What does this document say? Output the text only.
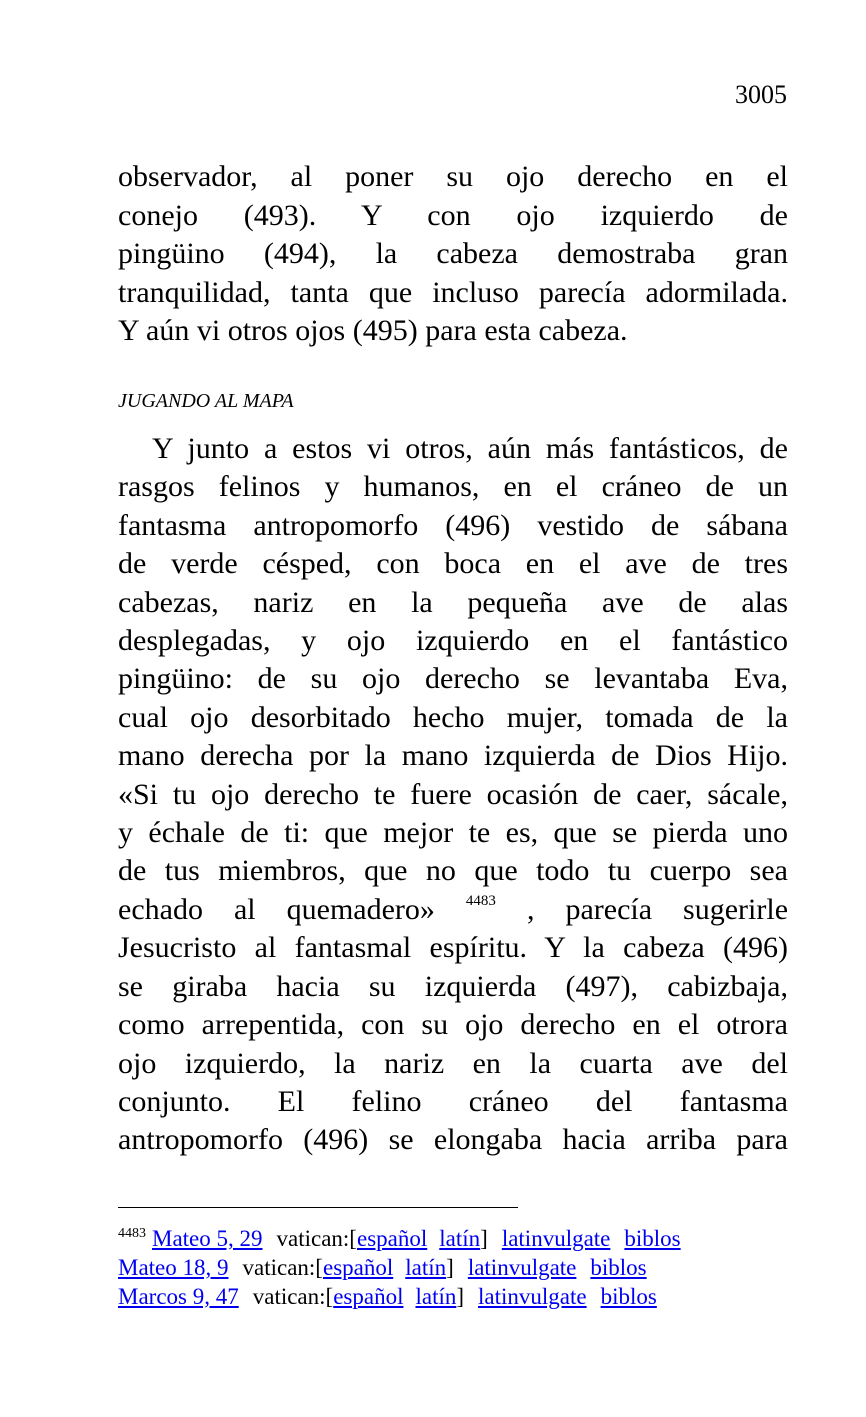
3005
observador, al poner su ojo derecho en el
conejo (493). Y con ojo izquierdo de
pingüino (494), la cabeza demostraba gran
tranquilidad, tanta que incluso parecía adormilada.
Y aún vi otros ojos (495) para esta cabeza.
JUGANDO AL MAPA
Y junto a estos vi otros, aún más fantásticos, de
rasgos felinos y humanos, en el cráneo de un
fantasma antropomorfo (496) vestido de sábana
de verde césped, con boca en el ave de tres
cabezas, nariz en la pequeña ave de alas
desplegadas, y ojo izquierdo en el fantástico
pingüino: de su ojo derecho se levantaba Eva,
cual ojo desorbitado hecho mujer, tomada de la
mano derecha por la mano izquierda de Dios Hijo.
«Si tu ojo derecho te fuere ocasión de caer, sácale,
y échale de ti: que mejor te es, que se pierda uno
de tus miembros, que no que todo tu cuerpo sea
echado al quemadero» $^{4483}$ , parecía sugerirle
Jesucristo al fantasmal espíritu. Y la cabeza (496)
se giraba hacia su izquierda (497), cabizbaja,
como arrepentida, con su ojo derecho en el otrora
ojo izquierdo, la nariz en la cuarta ave del
conjunto. El felino cráneo del fantasma
antropomorfo (496) se elongaba hacia arriba para
$^{4483}$ Mateo 5, 29 vatican:[español latín] latinvulgate biblos
Mateo 18, 9 vatican:[español latín] latinvulgate biblos
Marcos 9, 47 vatican:[español latín] latinvulgate biblos
